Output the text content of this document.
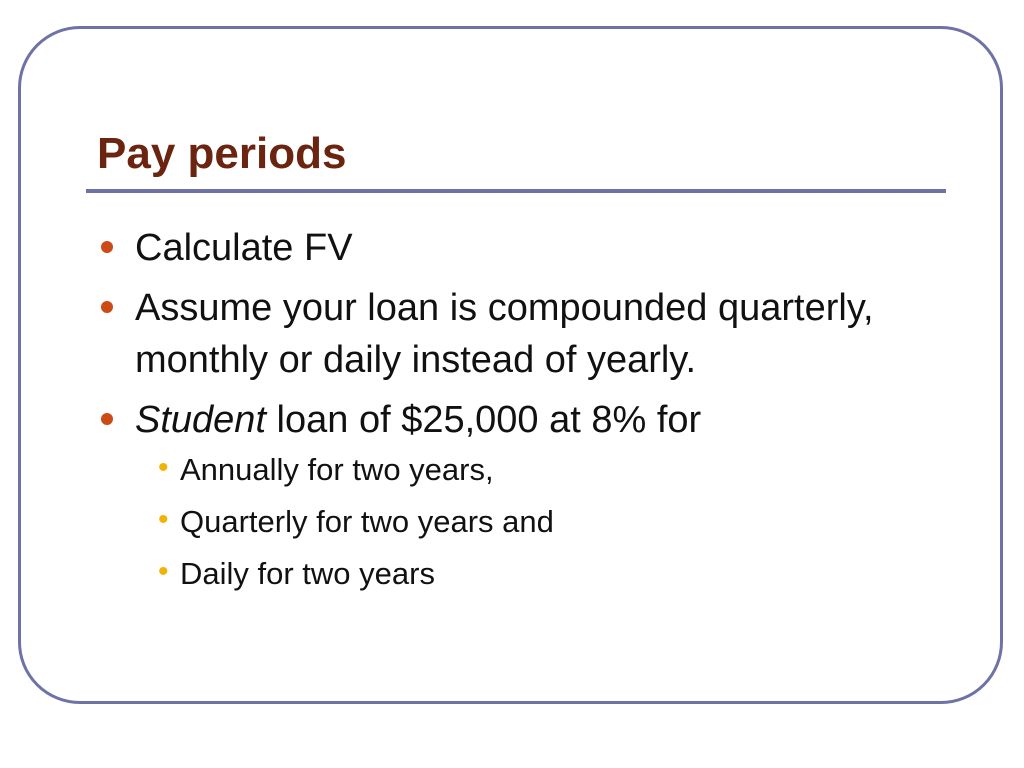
Pay periods
Calculate FV
Assume your loan is compounded quarterly, monthly or daily instead of yearly.
Student loan of $25,000 at 8% for
• Annually for two years,
• Quarterly for two years and
• Daily for two years
